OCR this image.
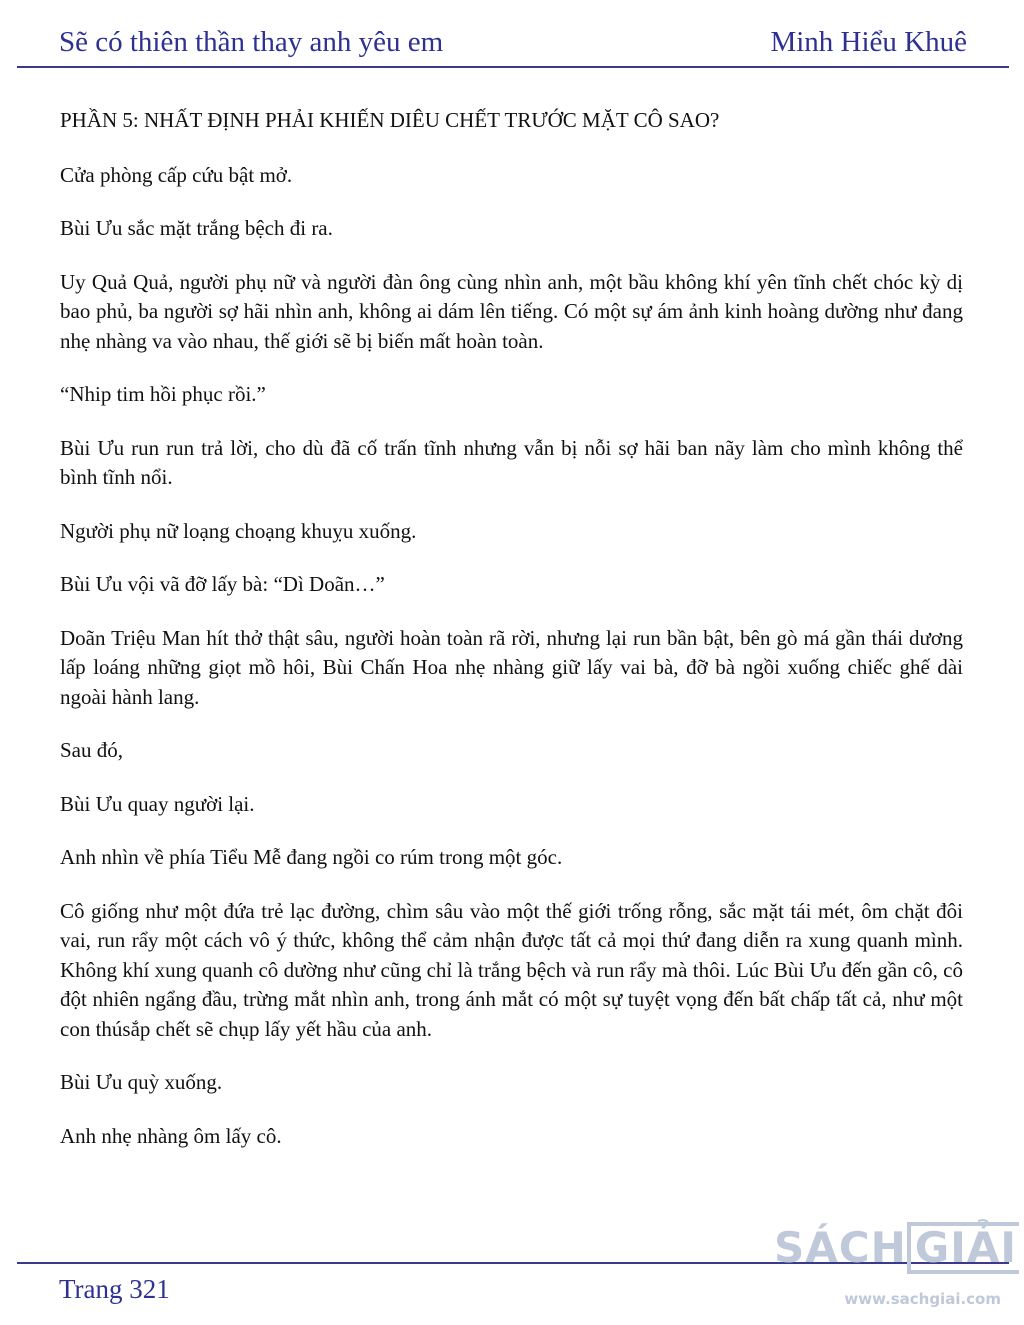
Sẽ có thiên thần thay anh yêu em	Minh Hiểu Khuê

PHẦN 5: NHẤT ĐỊNH PHẢI KHIẾN DIÊU CHẾT TRƯỚC MẶT CÔ SAO?

Cửa phòng cấp cứu bật mở.

Bùi Ưu sắc mặt trắng bệch đi ra.

Uy Quả Quả, người phụ nữ và người đàn ông cùng nhìn anh, một bầu không khí yên tĩnh chết chóc kỳ dị bao phủ, ba người sợ hãi nhìn anh, không ai dám lên tiếng. Có một sự ám ảnh kinh hoàng dường như đang nhẹ nhàng va vào nhau, thế giới sẽ bị biến mất hoàn toàn.

“Nhip tim hồi phục rồi.”

Bùi Ưu run run trả lời, cho dù đã cố trấn tĩnh nhưng vẫn bị nỗi sợ hãi ban nãy làm cho mình không thể bình tĩnh nổi.

Người phụ nữ loạng choạng khuỵu xuống.

Bùi Ưu vội vã đỡ lấy bà: “Dì Doãn…”

Doãn Triệu Man hít thở thật sâu, người hoàn toàn rã rời, nhưng lại run bần bật, bên gò má gần thái dương lấp loáng những giọt mồ hôi, Bùi Chấn Hoa nhẹ nhàng giữ lấy vai bà, đỡ bà ngồi xuống chiếc ghế dài ngoài hành lang.

Sau đó,

Bùi Ưu quay người lại.

Anh nhìn về phía Tiểu Mễ đang ngồi co rúm trong một góc.

Cô giống như một đứa trẻ lạc đường, chìm sâu vào một thế giới trống rỗng, sắc mặt tái mét, ôm chặt đôi vai, run rẩy một cách vô ý thức, không thể cảm nhận được tất cả mọi thứ đang diễn ra xung quanh mình. Không khí xung quanh cô dường như cũng chỉ là trắng bệch và run rẩy mà thôi. Lúc Bùi Ưu đến gần cô, cô đột nhiên ngẩng đầu, trừng mắt nhìn anh, trong ánh mắt có một sự tuyệt vọng đến bất chấp tất cả, như một con thúsắp chết sẽ chụp lấy yết hầu của anh.

Bùi Ưu quỳ xuống.

Anh nhẹ nhàng ôm lấy cô.

Trang 321
SÁCH GIẢI
www.sachgiai.com
